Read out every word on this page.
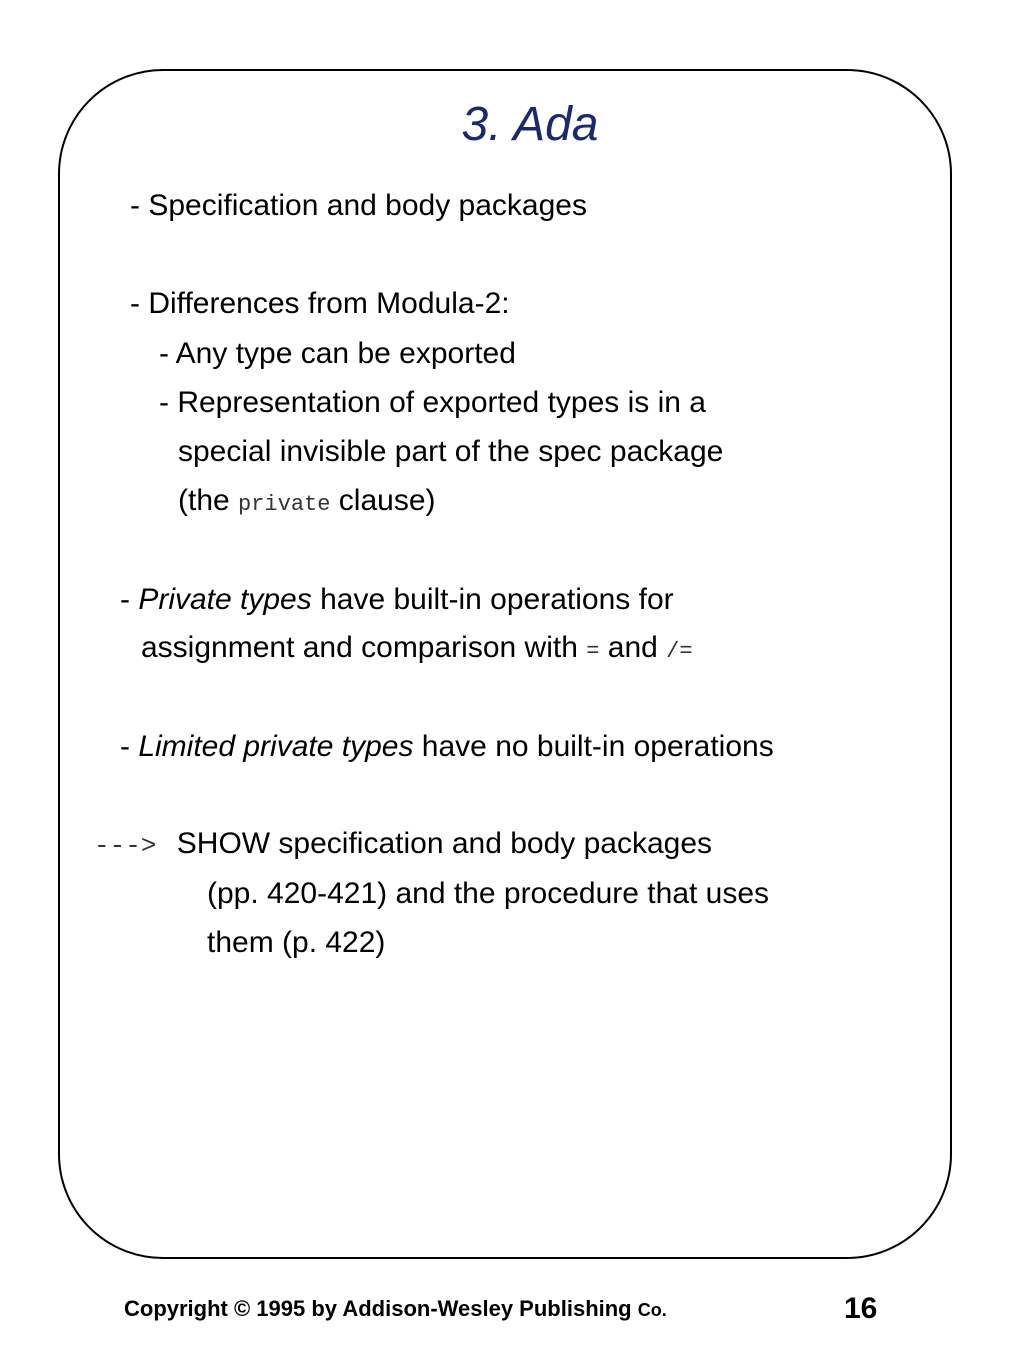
3. Ada
- Specification and body packages
- Differences from Modula-2:
- Any type can be exported
- Representation of exported types is in a
special invisible part of the spec package
(the private clause)
- Private types have built-in operations for
assignment and comparison with = and /=
- Limited private types have no built-in operations
---> SHOW specification and body packages
(pp. 420-421) and the procedure that uses
them (p. 422)
Copyright © 1995 by Addison-Wesley Publishing Co.	16
